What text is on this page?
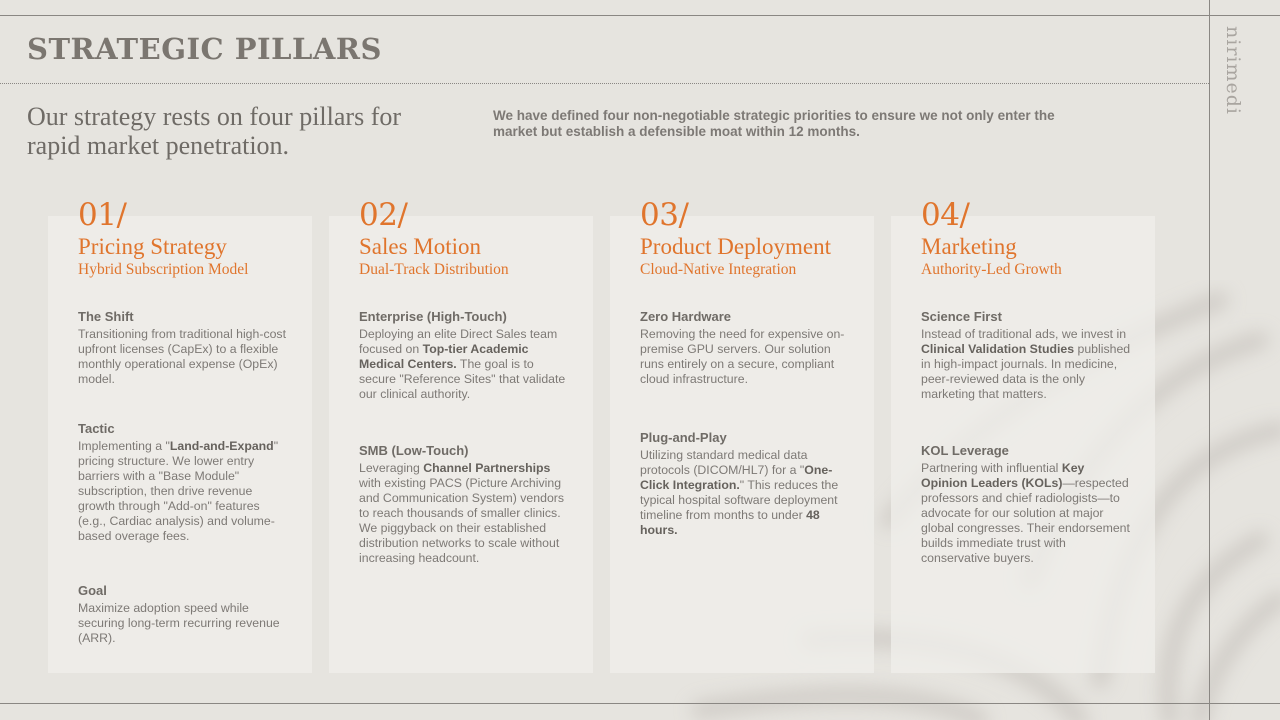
STRATEGIC PILLARS	nirimedi
Our strategy rests on four pillars for rapid market penetration.
We have defined four non-negotiable strategic priorities to ensure we not only enter the market but establish a defensible moat within 12 months.
01/
Pricing Strategy
Hybrid Subscription Model
02/
Sales Motion
Dual-Track Distribution
03/
Product Deployment
Cloud-Native Integration
04/
Marketing
Authority-Led Growth
The Shift
Transitioning from traditional high-cost upfront licenses (CapEx) to a flexible monthly operational expense (OpEx) model.
Tactic
Implementing a "Land-and-Expand" pricing structure. We lower entry barriers with a "Base Module" subscription, then drive revenue growth through "Add-on" features (e.g., Cardiac analysis) and volume-based overage fees.
Goal
Maximize adoption speed while securing long-term recurring revenue (ARR).
Enterprise (High-Touch)
Deploying an elite Direct Sales team focused on Top-tier Academic Medical Centers. The goal is to secure "Reference Sites" that validate our clinical authority.
SMB (Low-Touch)
Leveraging Channel Partnerships with existing PACS (Picture Archiving and Communication System) vendors to reach thousands of smaller clinics. We piggyback on their established distribution networks to scale without increasing headcount.
Zero Hardware
Removing the need for expensive on-premise GPU servers. Our solution runs entirely on a secure, compliant cloud infrastructure.
Plug-and-Play
Utilizing standard medical data protocols (DICOM/HL7) for a "One-Click Integration." This reduces the typical hospital software deployment timeline from months to under 48 hours.
Science First
Instead of traditional ads, we invest in Clinical Validation Studies published in high-impact journals. In medicine, peer-reviewed data is the only marketing that matters.
KOL Leverage
Partnering with influential Key Opinion Leaders (KOLs)—respected professors and chief radiologists—to advocate for our solution at major global congresses. Their endorsement builds immediate trust with conservative buyers.
